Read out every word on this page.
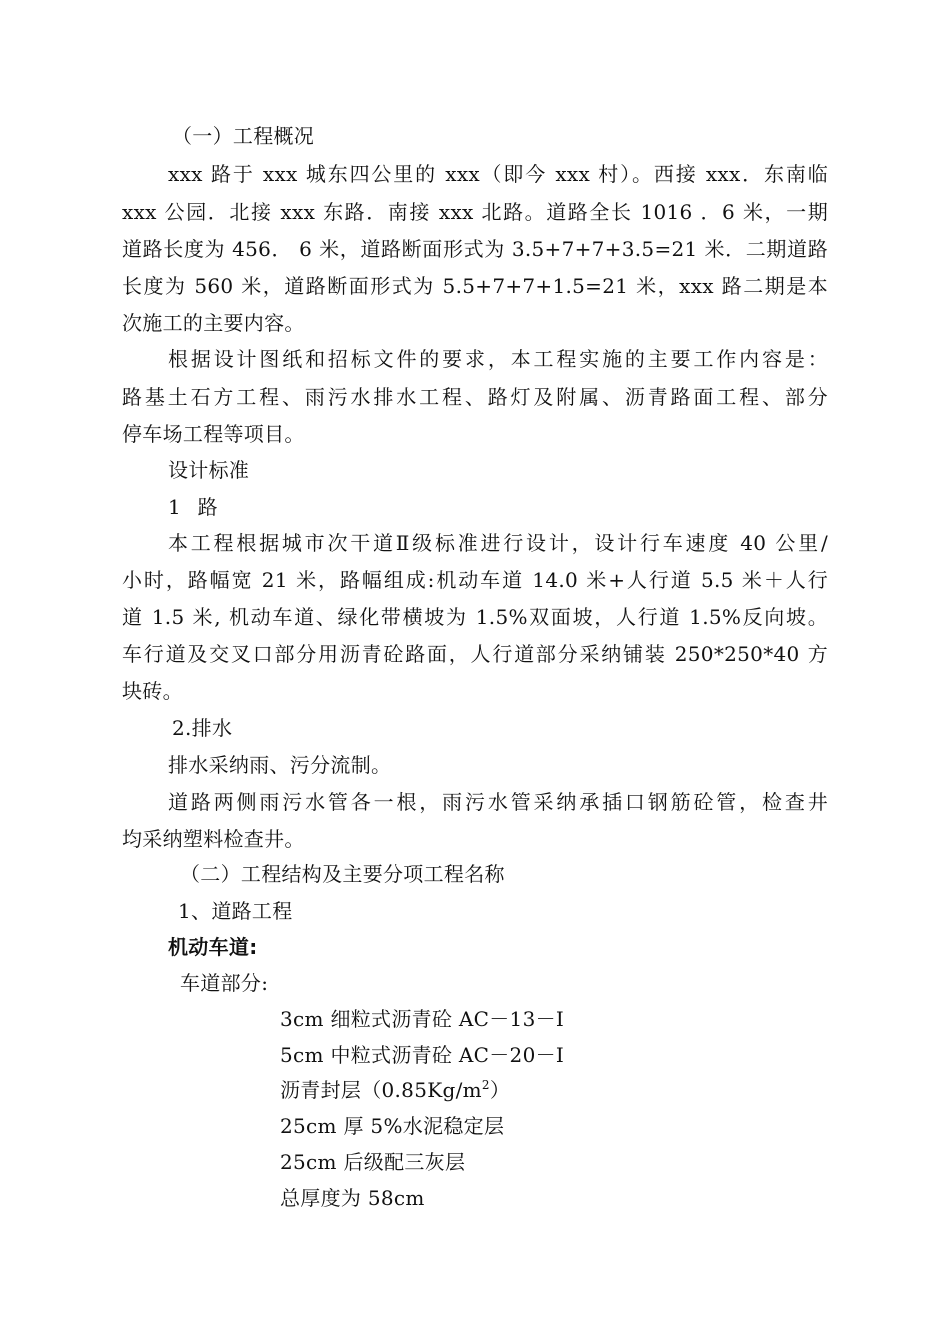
（一）工程概况
xxx 路于 xxx 城东四公里的 xxx（即今 xxx 村）。西接 xxx．东南临
xxx 公园．北接 xxx 东路．南接 xxx 北路。道路全长 1016 ．6 米，一期
道路长度为 456． 6 米，道路断面形式为 3.5+7+7+3.5=21 米．二期道路
长度为 560 米，道路断面形式为 5.5+7+7+1.5=21 米，xxx 路二期是本
次施工的主要内容。
根据设计图纸和招标文件的要求，本工程实施的主要工作内容是：
路基土石方工程、雨污水排水工程、路灯及附属、沥青路面工程、部分
停车场工程等项目。
设计标准
1 路
本工程根据城市次干道Ⅱ级标准进行设计，设计行车速度 40 公里/
小时，路幅宽 21 米，路幅组成:机动车道 14.0 米+人行道 5.5 米＋人行
道 1.5 米, 机动车道、绿化带横坡为 1.5%双面坡，人行道 1.5%反向坡。
车行道及交叉口部分用沥青砼路面，人行道部分采纳铺装 250*250*40 方
块砖。
2.排水
排水采纳雨、污分流制。
道路两侧雨污水管各一根，雨污水管采纳承插口钢筋砼管，检查井
均采纳塑料检查井。
（二）工程结构及主要分项工程名称
1、道路工程
机动车道:
车道部分:
3cm 细粒式沥青砼 AC－13－Ⅰ
5cm 中粒式沥青砼 AC－20－Ⅰ
沥青封层$(0.85Kg/m^2)$
25cm 厚 5%水泥稳定层
25cm 后级配三灰层
总厚度为 58cm
